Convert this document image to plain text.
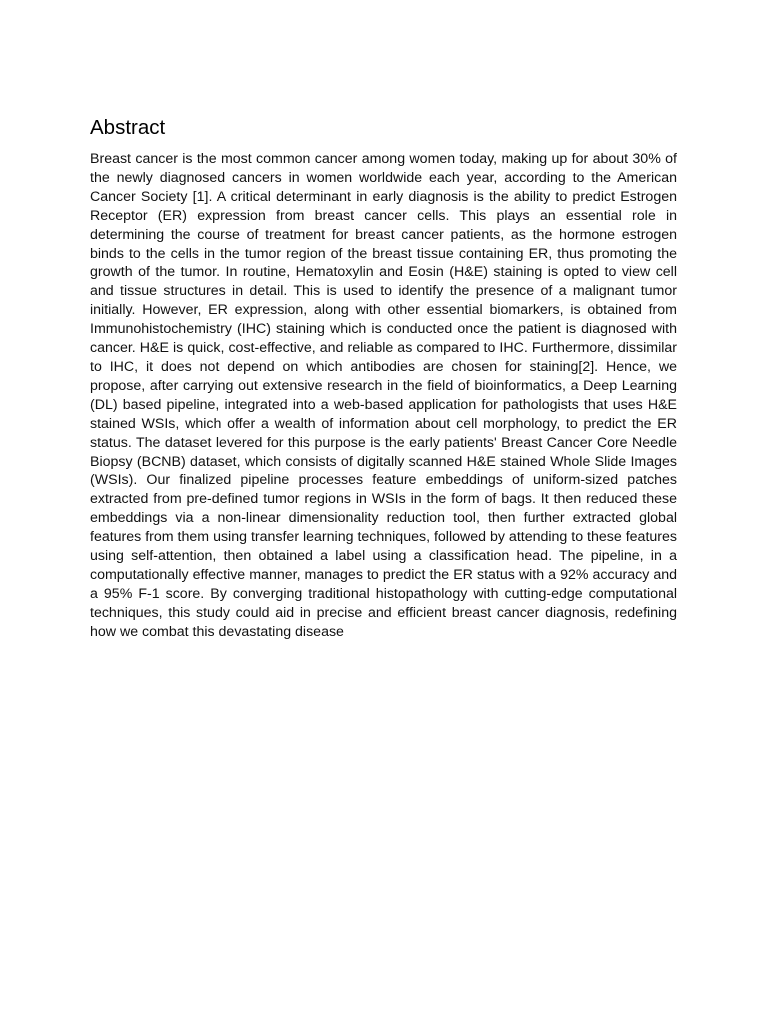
Abstract

Breast cancer is the most common cancer among women today, making up for about 30% of the newly diagnosed cancers in women worldwide each year, according to the American Cancer Society [1]. A critical determinant in early diagnosis is the ability to predict Estrogen Receptor (ER) expression from breast cancer cells. This plays an essential role in determining the course of treatment for breast cancer patients, as the hormone estrogen binds to the cells in the tumor region of the breast tissue containing ER, thus promoting the growth of the tumor. In routine, Hematoxylin and Eosin (H&E) staining is opted to view cell and tissue structures in detail. This is used to identify the presence of a malignant tumor initially. However, ER expression, along with other essential biomarkers, is obtained from Immunohistochemistry (IHC) staining which is conducted once the patient is diagnosed with cancer. H&E is quick, cost-effective, and reliable as compared to IHC. Furthermore, dissimilar to IHC, it does not depend on which antibodies are chosen for staining[2]. Hence, we propose, after carrying out extensive research in the field of bioinformatics, a Deep Learning (DL) based pipeline, integrated into a web-based application for pathologists that uses H&E stained WSIs, which offer a wealth of information about cell morphology, to predict the ER status. The dataset levered for this purpose is the early patients' Breast Cancer Core Needle Biopsy (BCNB) dataset, which consists of digitally scanned H&E stained Whole Slide Images (WSIs). Our finalized pipeline processes feature embeddings of uniform-sized patches extracted from pre-defined tumor regions in WSIs in the form of bags. It then reduced these embeddings via a non-linear dimensionality reduction tool, then further extracted global features from them using transfer learning techniques, followed by attending to these features using self-attention, then obtained a label using a classification head. The pipeline, in a computationally effective manner, manages to predict the ER status with a 92% accuracy and a 95% F-1 score. By converging traditional histopathology with cutting-edge computational techniques, this study could aid in precise and efficient breast cancer diagnosis, redefining how we combat this devastating disease
